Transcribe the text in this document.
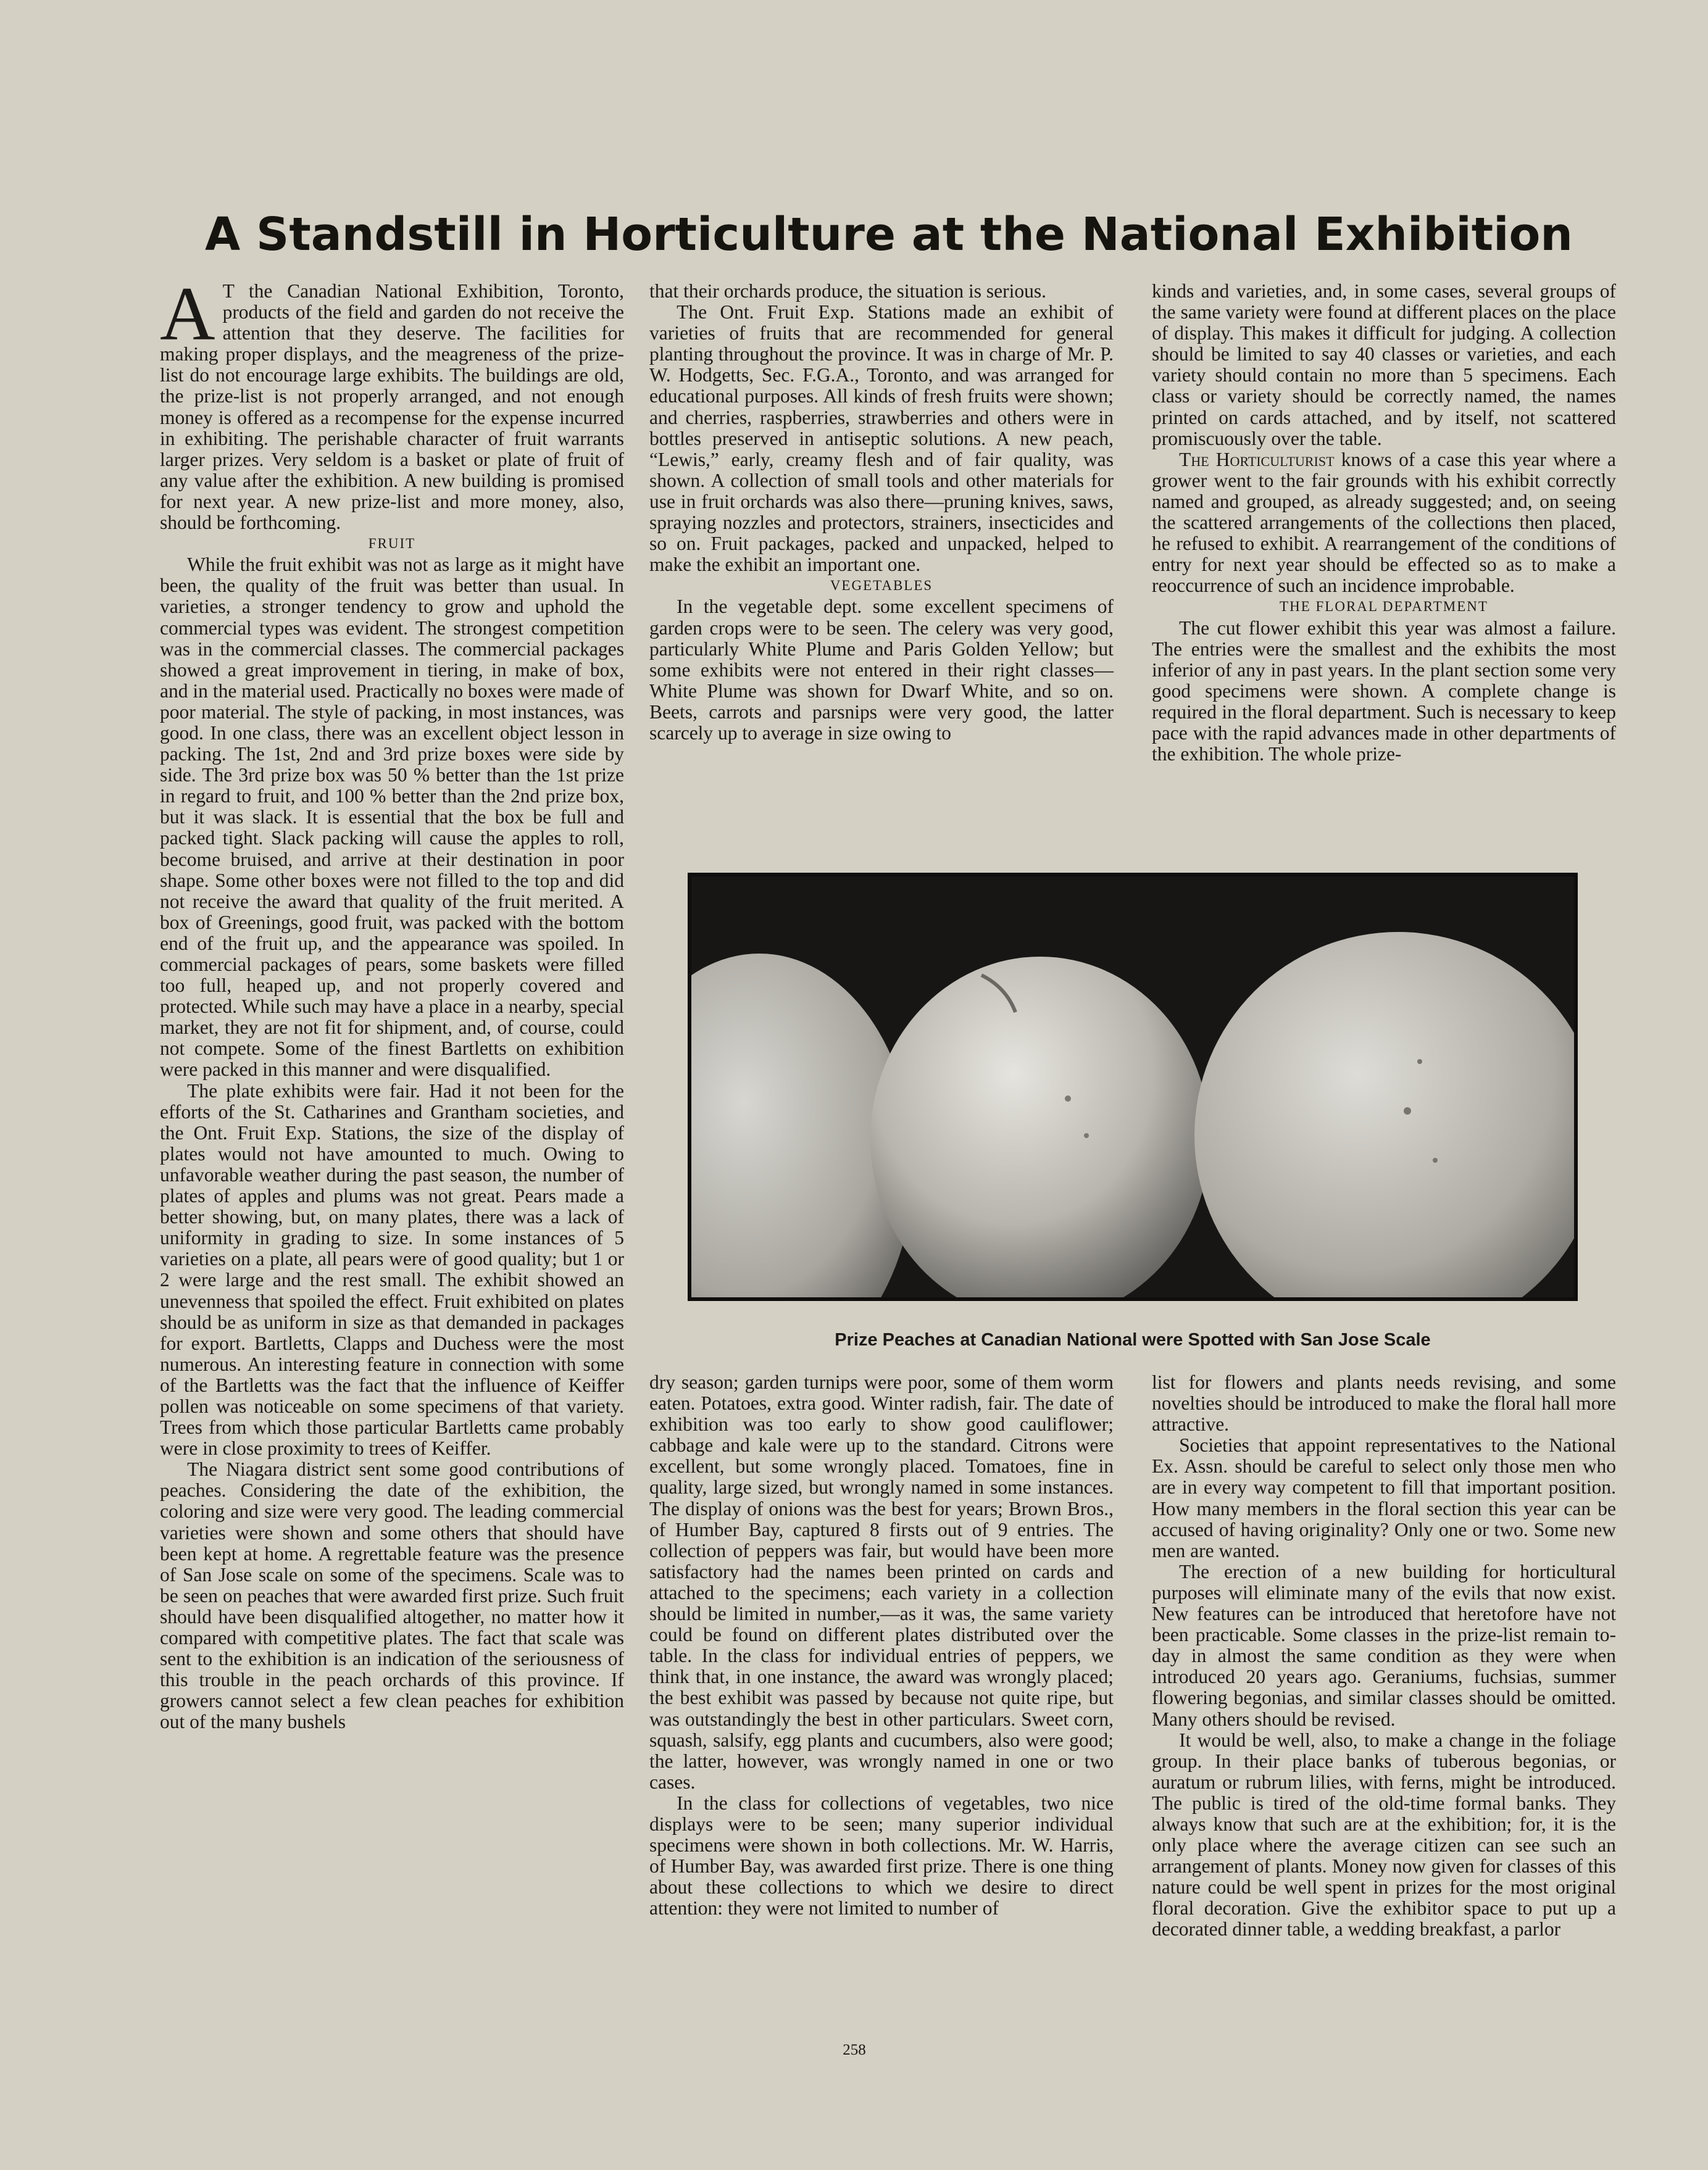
A Standstill in Horticulture at the National Exhibition

A T the Canadian National Exhibition, Toronto, products of the field and garden do not receive the attention that they deserve. The facilities for making proper displays, and the meagreness of the prize-list do not encourage large exhibits. The buildings are old, the prize-list is not properly arranged, and not enough money is offered as a recompense for the expense incurred in exhibiting. The perishable character of fruit warrants larger prizes. Very seldom is a basket or plate of fruit of any value after the exhibition. A new building is promised for next year. A new prize-list and more money, also, should be forthcoming.

FRUIT

While the fruit exhibit was not as large as it might have been, the quality of the fruit was better than usual. In varieties, a stronger tendency to grow and uphold the commercial types was evident. The strongest competition was in the commercial classes. The commercial packages showed a great improvement in tiering, in make of box, and in the material used. Practically no boxes were made of poor material. The style of packing, in most instances, was good. In one class, there was an excellent object lesson in packing. The 1st, 2nd and 3rd prize boxes were side by side. The 3rd prize box was 50 % better than the 1st prize in regard to fruit, and 100 % better than the 2nd prize box, but it was slack. It is essential that the box be full and packed tight. Slack packing will cause the apples to roll, become bruised, and arrive at their destination in poor shape. Some other boxes were not filled to the top and did not receive the award that quality of the fruit merited. A box of Greenings, good fruit, was packed with the bottom end of the fruit up, and the appearance was spoiled. In commercial packages of pears, some baskets were filled too full, heaped up, and not properly covered and protected. While such may have a place in a nearby, special market, they are not fit for shipment, and, of course, could not compete. Some of the finest Bartletts on exhibition were packed in this manner and were disqualified.

The plate exhibits were fair. Had it not been for the efforts of the St. Catharines and Grantham societies, and the Ont. Fruit Exp. Stations, the size of the display of plates would not have amounted to much. Owing to unfavorable weather during the past season, the number of plates of apples and plums was not great. Pears made a better showing, but, on many plates, there was a lack of uniformity in grading to size. In some instances of 5 varieties on a plate, all pears were of good quality; but 1 or 2 were large and the rest small. The exhibit showed an unevenness that spoiled the effect. Fruit exhibited on plates should be as uniform in size as that demanded in packages for export. Bartletts, Clapps and Duchess were the most numerous. An interesting feature in connection with some of the Bartletts was the fact that the influence of Keiffer pollen was noticeable on some specimens of that variety. Trees from which those particular Bartletts came probably were in close proximity to trees of Keiffer.

The Niagara district sent some good contributions of peaches. Considering the date of the exhibition, the coloring and size were very good. The leading commercial varieties were shown and some others that should have been kept at home. A regrettable feature was the presence of San Jose scale on some of the specimens. Scale was to be seen on peaches that were awarded first prize. Such fruit should have been disqualified altogether, no matter how it compared with competitive plates. The fact that scale was sent to the exhibition is an indication of the seriousness of this trouble in the peach orchards of this province. If growers cannot select a few clean peaches for exhibition out of the many bushels

that their orchards produce, the situation is serious.

The Ont. Fruit Exp. Stations made an exhibit of varieties of fruits that are recommended for general planting throughout the province. It was in charge of Mr. P. W. Hodgetts, Sec. F.G.A., Toronto, and was arranged for educational purposes. All kinds of fresh fruits were shown; and cherries, raspberries, strawberries and others were in bottles preserved in antiseptic solutions. A new peach, “Lewis,” early, creamy flesh and of fair quality, was shown. A collection of small tools and other materials for use in fruit orchards was also there—pruning knives, saws, spraying nozzles and protectors, strainers, insecticides and so on. Fruit packages, packed and unpacked, helped to make the exhibit an important one.

VEGETABLES

In the vegetable dept. some excellent specimens of garden crops were to be seen. The celery was very good, particularly White Plume and Paris Golden Yellow; but some exhibits were not entered in their right classes—White Plume was shown for Dwarf White, and so on. Beets, carrots and parsnips were very good, the latter scarcely up to average in size owing to

kinds and varieties, and, in some cases, several groups of the same variety were found at different places on the place of display. This makes it difficult for judging. A collection should be limited to say 40 classes or varieties, and each variety should contain no more than 5 specimens. Each class or variety should be correctly named, the names printed on cards attached, and by itself, not scattered promiscuously over the table.

The Horticulturist knows of a case this year where a grower went to the fair grounds with his exhibit correctly named and grouped, as already suggested; and, on seeing the scattered arrangements of the collections then placed, he refused to exhibit. A rearrangement of the conditions of entry for next year should be effected so as to make a reoccurrence of such an incidence improbable.

THE FLORAL DEPARTMENT

The cut flower exhibit this year was almost a failure. The entries were the smallest and the exhibits the most inferior of any in past years. In the plant section some very good specimens were shown. A complete change is required in the floral department. Such is necessary to keep pace with the rapid advances made in other departments of the exhibition. The whole prize-

Prize Peaches at Canadian National were Spotted with San Jose Scale

dry season; garden turnips were poor, some of them worm eaten. Potatoes, extra good. Winter radish, fair. The date of exhibition was too early to show good cauliflower; cabbage and kale were up to the standard. Citrons were excellent, but some wrongly placed. Tomatoes, fine in quality, large sized, but wrongly named in some instances. The display of onions was the best for years; Brown Bros., of Humber Bay, captured 8 firsts out of 9 entries. The collection of peppers was fair, but would have been more satisfactory had the names been printed on cards and attached to the specimens; each variety in a collection should be limited in number,—as it was, the same variety could be found on different plates distributed over the table. In the class for individual entries of peppers, we think that, in one instance, the award was wrongly placed; the best exhibit was passed by because not quite ripe, but was outstandingly the best in other particulars. Sweet corn, squash, salsify, egg plants and cucumbers, also were good; the latter, however, was wrongly named in one or two cases.

In the class for collections of vegetables, two nice displays were to be seen; many superior individual specimens were shown in both collections. Mr. W. Harris, of Humber Bay, was awarded first prize. There is one thing about these collections to which we desire to direct attention: they were not limited to number of

list for flowers and plants needs revising, and some novelties should be introduced to make the floral hall more attractive.

Societies that appoint representatives to the National Ex. Assn. should be careful to select only those men who are in every way competent to fill that important position. How many members in the floral section this year can be accused of having originality? Only one or two. Some new men are wanted.

The erection of a new building for horticultural purposes will eliminate many of the evils that now exist. New features can be introduced that heretofore have not been practicable. Some classes in the prize-list remain to-day in almost the same condition as they were when introduced 20 years ago. Geraniums, fuchsias, summer flowering begonias, and similar classes should be omitted. Many others should be revised.

It would be well, also, to make a change in the foliage group. In their place banks of tuberous begonias, or auratum or rubrum lilies, with ferns, might be introduced. The public is tired of the old-time formal banks. They always know that such are at the exhibition; for, it is the only place where the average citizen can see such an arrangement of plants. Money now given for classes of this nature could be well spent in prizes for the most original floral decoration. Give the exhibitor space to put up a decorated dinner table, a wedding breakfast, a parlor

258
